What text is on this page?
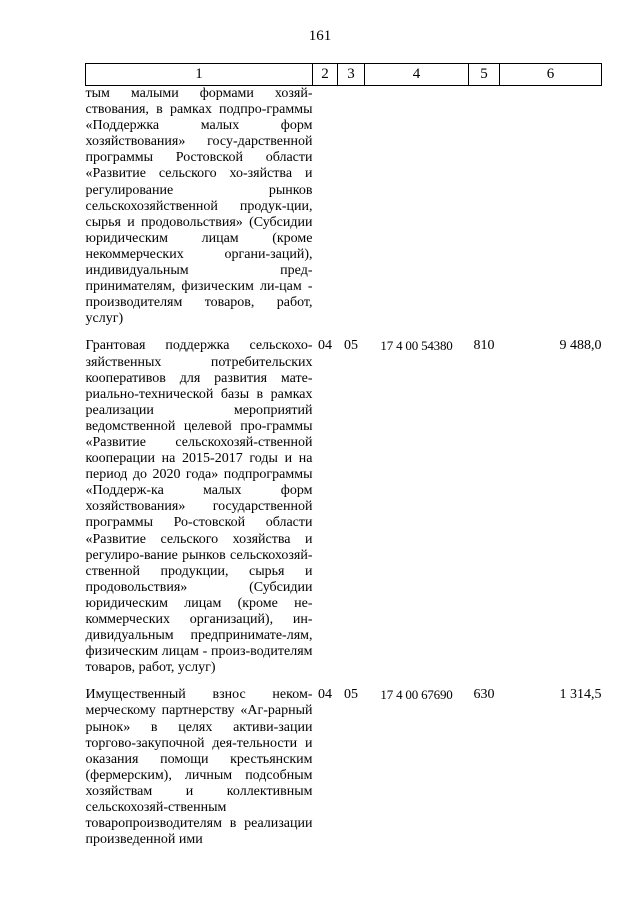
161
1	2	3	4	5	6
тым малыми формами хозяй-ствования, в рамках подпро-граммы «Поддержка малых форм хозяйствования» госу-дарственной программы Ростовской области «Развитие сельского хо-зяйства и регулирование рынков сельскохозяйственной продук-ции, сырья и продовольствия» (Субсидии юридическим лицам (кроме некоммерческих органи-заций), индивидуальным пред-принимателям, физическим ли-цам - производителям товаров, работ, услуг)					
Грантовая поддержка сельскохо-зяйственных потребительских кооперативов для развития мате-риально-технической базы в рамках реализации мероприятий ведомственной целевой про-граммы «Развитие сельскохозяй-ственной кооперации на 2015-2017 годы и на период до 2020 года» подпрограммы «Поддерж-ка малых форм хозяйствования» государственной программы Ро-стовской области «Развитие сельского хозяйства и регулиро-вание рынков сельскохозяй-ственной продукции, сырья и продовольствия» (Субсидии юридическим лицам (кроме не-коммерческих организаций), ин-дивидуальным предпринимате-лям, физическим лицам - произ-водителям товаров, работ, услуг)	04	05	17 4 00 54380	810	9 488,0
Имущественный взнос неком-мерческому партнерству «Аг-рарный рынок» в целях активи-зации торгово-закупочной дея-тельности и оказания помощи крестьянским (фермерским), личным подсобным хозяйствам и коллективным сельскохозяй-ственным товаропроизводителям в реализации произведенной ими	04	05	17 4 00 67690	630	1 314,5
